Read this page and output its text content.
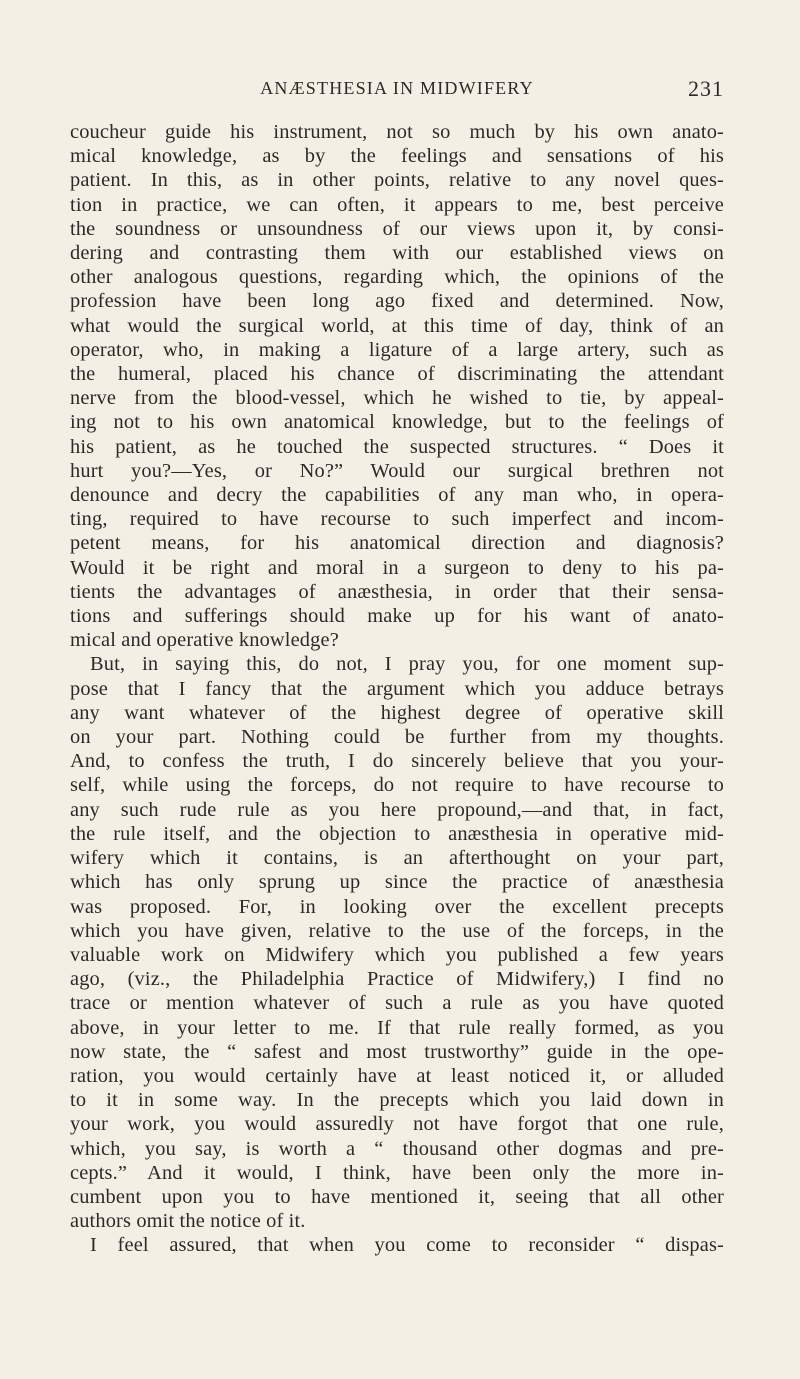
ANÆSTHESIA IN MIDWIFERY	231
coucheur guide his instrument, not so much by his own anato-
mical knowledge, as by the feelings and sensations of his
patient. In this, as in other points, relative to any novel ques-
tion in practice, we can often, it appears to me, best perceive
the soundness or unsoundness of our views upon it, by consi-
dering and contrasting them with our established views on
other analogous questions, regarding which, the opinions of the
profession have been long ago fixed and determined. Now,
what would the surgical world, at this time of day, think of an
operator, who, in making a ligature of a large artery, such as
the humeral, placed his chance of discriminating the attendant
nerve from the blood-vessel, which he wished to tie, by appeal-
ing not to his own anatomical knowledge, but to the feelings of
his patient, as he touched the suspected structures. “ Does it
hurt you?—Yes, or No?” Would our surgical brethren not
denounce and decry the capabilities of any man who, in opera-
ting, required to have recourse to such imperfect and incom-
petent means, for his anatomical direction and diagnosis?
Would it be right and moral in a surgeon to deny to his pa-
tients the advantages of anæsthesia, in order that their sensa-
tions and sufferings should make up for his want of anato-
mical and operative knowledge?
But, in saying this, do not, I pray you, for one moment sup-
pose that I fancy that the argument which you adduce betrays
any want whatever of the highest degree of operative skill
on your part. Nothing could be further from my thoughts.
And, to confess the truth, I do sincerely believe that you your-
self, while using the forceps, do not require to have recourse to
any such rude rule as you here propound,—and that, in fact,
the rule itself, and the objection to anæsthesia in operative mid-
wifery which it contains, is an afterthought on your part,
which has only sprung up since the practice of anæsthesia
was proposed. For, in looking over the excellent precepts
which you have given, relative to the use of the forceps, in the
valuable work on Midwifery which you published a few years
ago, (viz., the Philadelphia Practice of Midwifery,) I find no
trace or mention whatever of such a rule as you have quoted
above, in your letter to me. If that rule really formed, as you
now state, the “ safest and most trustworthy” guide in the ope-
ration, you would certainly have at least noticed it, or alluded
to it in some way. In the precepts which you laid down in
your work, you would assuredly not have forgot that one rule,
which, you say, is worth a “ thousand other dogmas and pre-
cepts.” And it would, I think, have been only the more in-
cumbent upon you to have mentioned it, seeing that all other
authors omit the notice of it.
I feel assured, that when you come to reconsider “ dispas-
